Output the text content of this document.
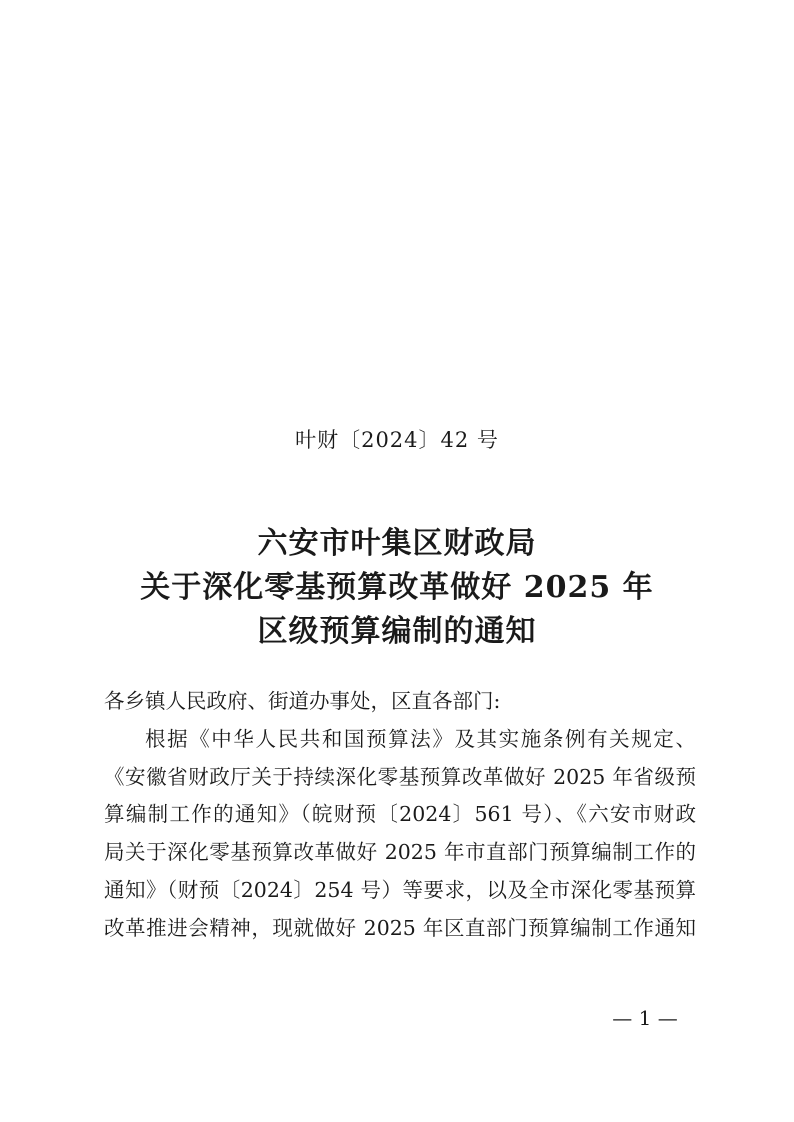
叶财〔2024〕42 号
六安市叶集区财政局
关于深化零基预算改革做好 2025 年
区级预算编制的通知
各乡镇人民政府、街道办事处，区直各部门:
根据《中华人民共和国预算法》及其实施条例有关规定、
《安徽省财政厅关于持续深化零基预算改革做好 2025 年省级预
算编制工作的通知》（皖财预〔2024〕561 号）、《六安市财政
局关于深化零基预算改革做好 2025 年市直部门预算编制工作的
通知》（财预〔2024〕254 号）等要求，以及全市深化零基预算
改革推进会精神，现就做好 2025 年区直部门预算编制工作通知
— 1 —
